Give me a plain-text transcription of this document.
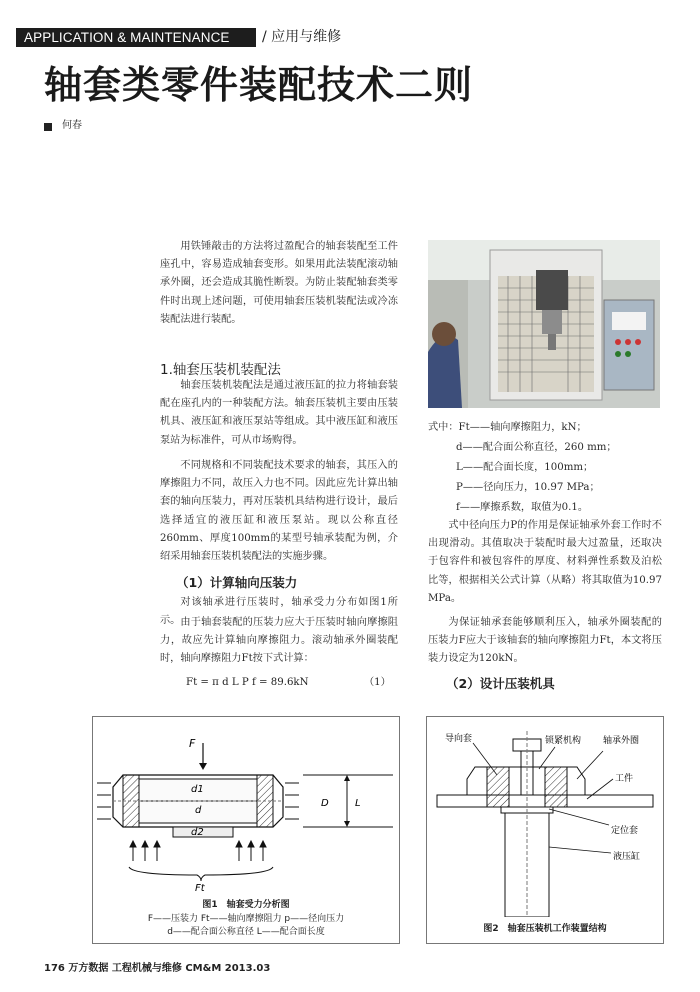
APPLICATION & MAINTENANCE / 应用与维修
轴套类零件装配技术二则
何春
用铁锤敲击的方法将过盈配合的轴套装配至工件座孔中，容易造成轴套变形。如果用此法装配滚动轴承外圈，还会造成其脆性断裂。为防止装配轴套类零件时出现上述问题，可使用轴套压装机装配法或冷冻装配法进行装配。
1.轴套压装机装配法
轴套压装机装配法是通过液压缸的拉力将轴套装配在座孔内的一种装配方法。轴套压装机主要由压装机具、液压缸和液压泵站等组成。其中液压缸和液压泵站为标准件，可从市场购得。
不同规格和不同装配技术要求的轴套，其压入的摩擦阻力不同，故压入力也不同。因此应先计算出轴套的轴向压装力，再对压装机具结构进行设计，最后选择适宜的液压缸和液压泵站。现以公称直径260mm、厚度100mm的某型号轴承装配为例，介绍采用轴套压装机装配法的实施步骤。
（1）计算轴向压装力
对该轴承进行压装时，轴承受力分布如图1所示。 由于轴套装配的压装力应大于压装时轴向摩擦阻力，故应先计算轴向摩擦阻力。滚动轴承外圈装配时，轴向摩擦阻力Ft按下式计算：
Ft = π d L P f = 89.6kN	（1）
式中：Ft——轴向摩擦阻力，kN；
d——配合面公称直径，260 mm；
L——配合面长度，100mm；
P——径向压力，10.97 MPa；
f——摩擦系数，取值为0.1。
式中径向压力P的作用是保证轴承外套工作时不出现滑动。其值取决于装配时最大过盈量，还取决于包容件和被包容件的厚度、材料弹性系数及泊松比等，根据相关公式计算（从略）将其取值为10.97 MPa。
为保证轴承套能够顺利压入，轴承外圈装配的压装力F应大于该轴套的轴向摩擦阻力Ft，本文将压装力设定为120kN。
（2）设计压装机具
F
d1
d
d2
D	L
Ft
图1　轴套受力分析图
F——压装力 Ft——轴向摩擦阻力 p——径向压力
d——配合面公称直径 L——配合面长度
导向套	锁紧机构 轴承外圈
工件
定位套
液压缸
图2　轴套压装机工作装置结构
176 万方数据 工程机械与维修 CM&M 2013.03
